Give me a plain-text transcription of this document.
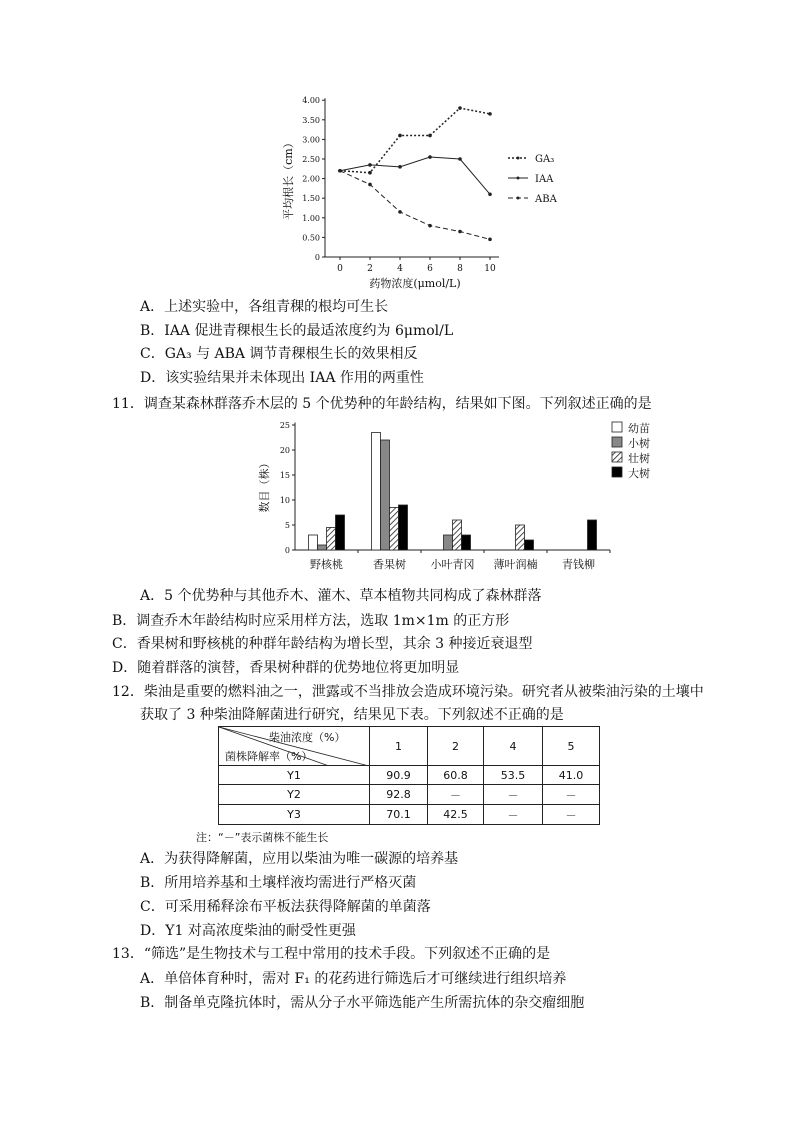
0
0.50
1.00
1.50
2.00
2.50
3.00
3.50
4.00
0	2	4	6	8 10
药物浓度(μmol/L)
平均根长（cm）	GA₃
IAA
ABA
A．上述实验中，各组青稞的根均可生长
B．IAA 促进青稞根生长的最适浓度约为 6μmol/L
C．GA₃ 与 ABA 调节青稞根生长的效果相反
D．该实验结果并未体现出 IAA 作用的两重性
11．调查某森林群落乔木层的 5 个优势种的年龄结构，结果如下图。下列叙述正确的是
0
5
10
15
20
25
数目（株）
野核桃	香果树 小叶青冈 薄叶润楠 青钱柳
幼苗
小树
壮树
大树
A．5 个优势种与其他乔木、灌木、草本植物共同构成了森林群落
B．调查乔木年龄结构时应采用样方法，选取 1m×1m 的正方形
C．香果树和野核桃的种群年龄结构为增长型，其余 3 种接近衰退型
D．随着群落的演替，香果树种群的优势地位将更加明显
12．柴油是重要的燃料油之一，泄露或不当排放会造成环境污染。研究者从被柴油污染的土壤中
获取了 3 种柴油降解菌进行研究，结果见下表。下列叙述不正确的是
柴油浓度（%）
菌株降解率（%）	1	2	4	5
Y1	90.9	60.8	53.5	41.0
Y2	92.8	－	－	－
Y3	70.1	42.5	－	－
注：“－”表示菌株不能生长
A．为获得降解菌，应用以柴油为唯一碳源的培养基
B．所用培养基和土壤样液均需进行严格灭菌
C．可采用稀释涂布平板法获得降解菌的单菌落
D．Y1 对高浓度柴油的耐受性更强
13．“筛选”是生物技术与工程中常用的技术手段。下列叙述不正确的是
A．单倍体育种时，需对 F₁ 的花药进行筛选后才可继续进行组织培养
B．制备单克隆抗体时，需从分子水平筛选能产生所需抗体的杂交瘤细胞
